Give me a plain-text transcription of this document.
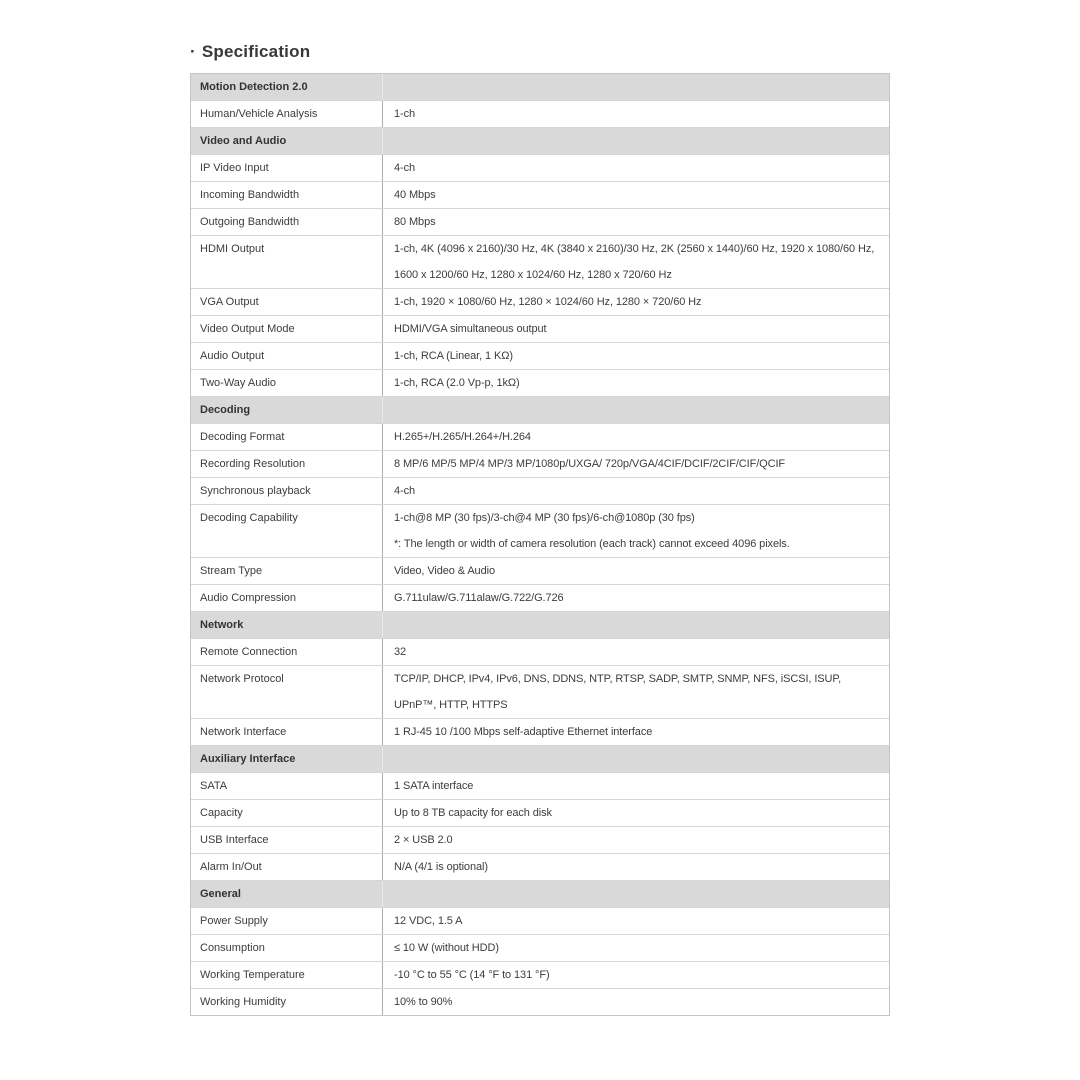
· Specification
Motion Detection 2.0
Human/Vehicle Analysis	1-ch
Video and Audio
IP Video Input	4-ch
Incoming Bandwidth	40 Mbps
Outgoing Bandwidth	80 Mbps
HDMI Output	1-ch, 4K (4096 x 2160)/30 Hz, 4K (3840 x 2160)/30 Hz, 2K (2560 x 1440)/60 Hz, 1920 x 1080/60 Hz, 1600 x 1200/60 Hz, 1280 x 1024/60 Hz, 1280 x 720/60 Hz
VGA Output	1-ch, 1920 × 1080/60 Hz, 1280 × 1024/60 Hz, 1280 × 720/60 Hz
Video Output Mode	HDMI/VGA simultaneous output
Audio Output	1-ch, RCA (Linear, 1 KΩ)
Two-Way Audio	1-ch, RCA (2.0 Vp-p, 1kΩ)
Decoding
Decoding Format	H.265+/H.265/H.264+/H.264
Recording Resolution	8 MP/6 MP/5 MP/4 MP/3 MP/1080p/UXGA/ 720p/VGA/4CIF/DCIF/2CIF/CIF/QCIF
Synchronous playback	4-ch
Decoding Capability	1-ch@8 MP (30 fps)/3-ch@4 MP (30 fps)/6-ch@1080p (30 fps)
*: The length or width of camera resolution (each track) cannot exceed 4096 pixels.
Stream Type	Video, Video & Audio
Audio Compression	G.711ulaw/G.711alaw/G.722/G.726
Network
Remote Connection	32
Network Protocol	TCP/IP, DHCP, IPv4, IPv6, DNS, DDNS, NTP, RTSP, SADP, SMTP, SNMP, NFS, iSCSI, ISUP, UPnP™, HTTP, HTTPS
Network Interface	1 RJ-45 10 /100 Mbps self-adaptive Ethernet interface
Auxiliary Interface
SATA	1 SATA interface
Capacity	Up to 8 TB capacity for each disk
USB Interface	2 × USB 2.0
Alarm In/Out	N/A (4/1 is optional)
General
Power Supply	12 VDC, 1.5 A
Consumption	≤ 10 W (without HDD)
Working Temperature	-10 °C to 55 °C (14 °F to 131 °F)
Working Humidity	10% to 90%
